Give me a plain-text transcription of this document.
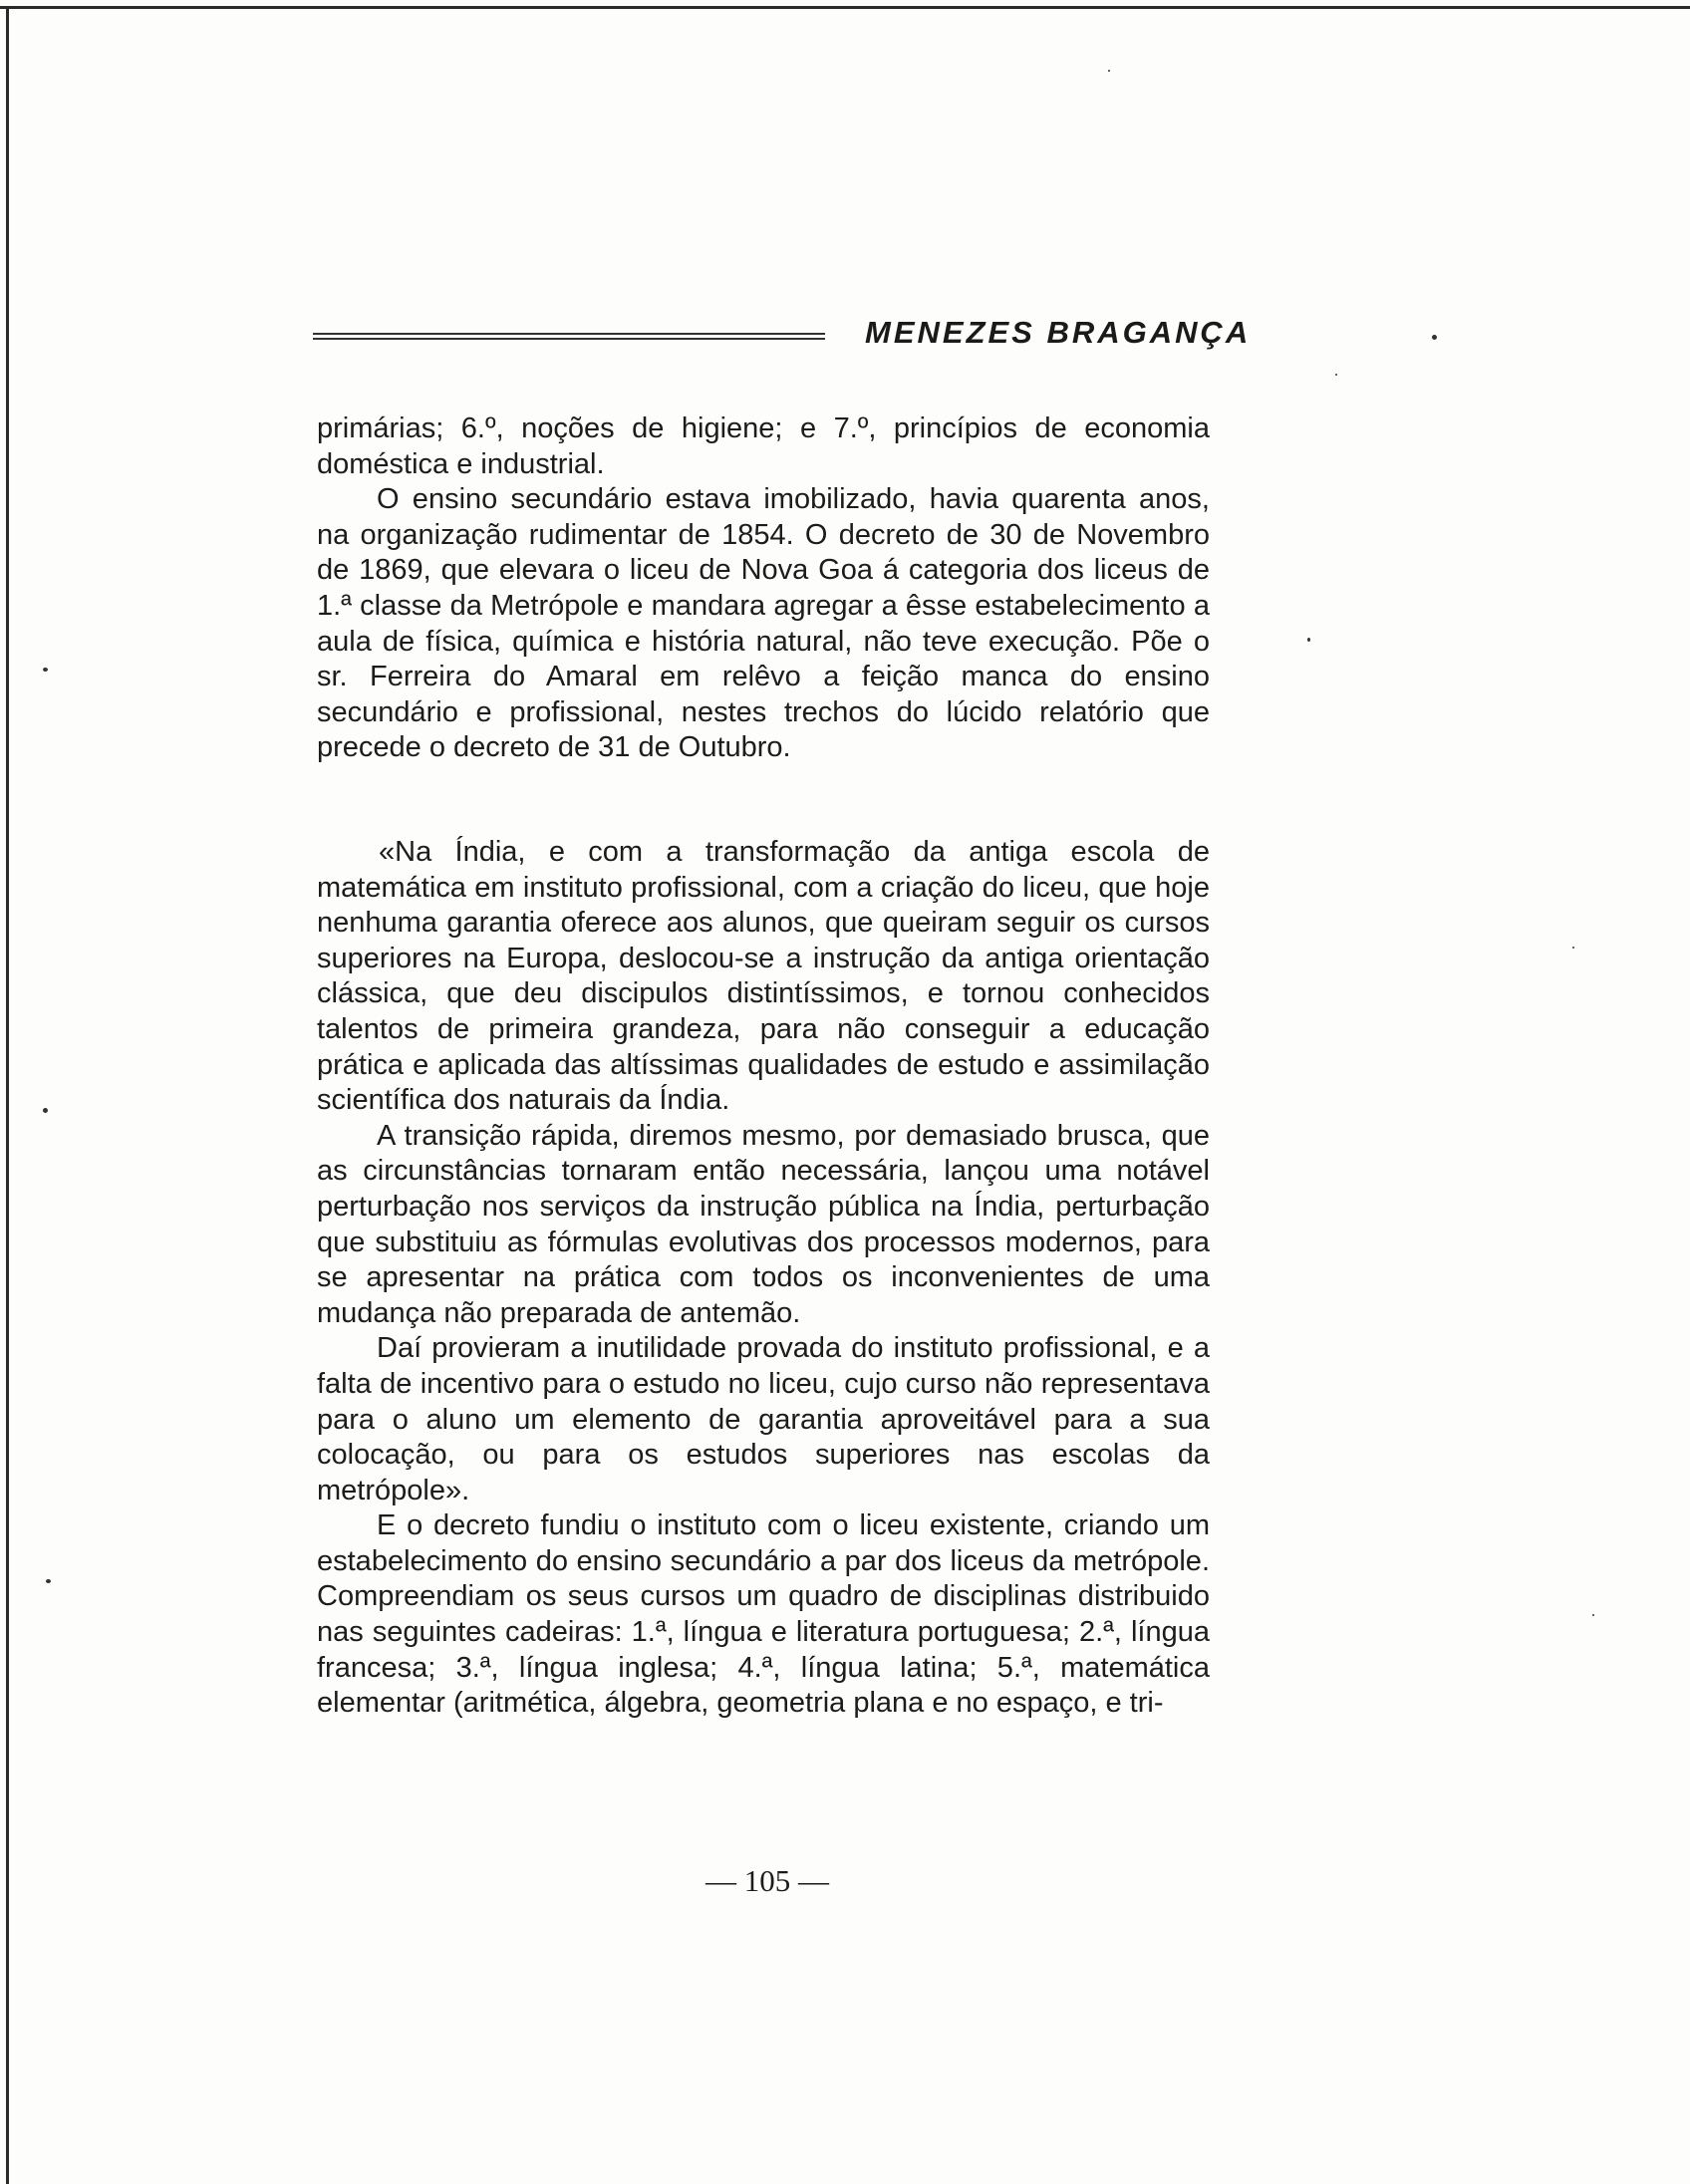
MENEZES BRAGANÇA

primárias; 6.º, noções de higiene; e 7.º, princípios de economia doméstica e industrial.

O ensino secundário estava imobilizado, havia quarenta anos, na organização rudimentar de 1854. O decreto de 30 de Novembro de 1869, que elevara o liceu de Nova Goa á categoria dos liceus de 1.ª classe da Metrópole e mandara agregar a êsse estabelecimento a aula de física, química e história natural, não teve execução. Põe o sr. Ferreira do Amaral em relêvo a feição manca do ensino secundário e profissional, nestes trechos do lúcido relatório que precede o decreto de 31 de Outubro.

«Na Índia, e com a transformação da antiga escola de matemática em instituto profissional, com a criação do liceu, que hoje nenhuma garantia oferece aos alunos, que queiram seguir os cursos superiores na Europa, deslocou-se a instrução da antiga orientação clássica, que deu discipulos distintíssimos, e tornou conhecidos talentos de primeira grandeza, para não conseguir a educação prática e aplicada das altíssimas qualidades de estudo e assimilação scientífica dos naturais da Índia.

A transição rápida, diremos mesmo, por demasiado brusca, que as circunstâncias tornaram então necessária, lançou uma notável perturbação nos serviços da instrução pública na Índia, perturbação que substituiu as fórmulas evolutivas dos processos modernos, para se apresentar na prática com todos os inconvenientes de uma mudança não preparada de antemão.

Daí provieram a inutilidade provada do instituto profissional, e a falta de incentivo para o estudo no liceu, cujo curso não representava para o aluno um elemento de garantia aproveitável para a sua colocação, ou para os estudos superiores nas escolas da metrópole».

E o decreto fundiu o instituto com o liceu existente, criando um estabelecimento do ensino secundário a par dos liceus da metrópole. Compreendiam os seus cursos um quadro de disciplinas distribuido nas seguintes cadeiras: 1.ª, língua e literatura portuguesa; 2.ª, língua francesa; 3.ª, língua inglesa; 4.ª, língua latina; 5.ª, matemática elementar (aritmética, álgebra, geometria plana e no espaço, e tri-

— 105 —
